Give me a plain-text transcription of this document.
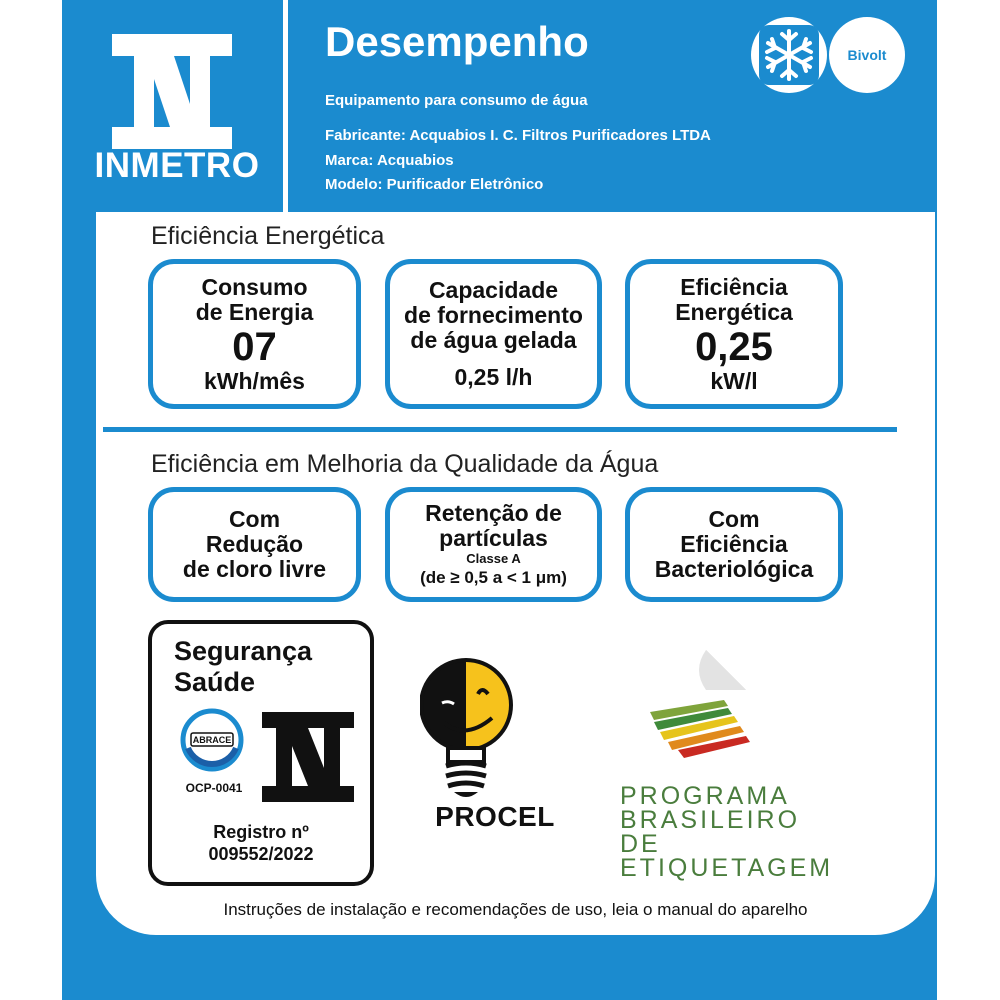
INMETRO
Desempenho
Equipamento para consumo de água
Fabricante: Acquabios I. C. Filtros Purificadores LTDA
Marca: Acquabios
Modelo: Purificador Eletrônico
Bivolt
Eficiência Energética
Consumo
de Energia
07
kWh/mês
Capacidade
de fornecimento
de água gelada
0,25 l/h
Eficiência
Energética
0,25
kW/l
Eficiência em Melhoria da Qualidade da Água
Com
Redução
de cloro livre
Retenção de
partículas
Classe A
(de ≥ 0,5 a < 1 μm)
Com
Eficiência
Bacteriológica
Segurança
Saúde
ABRACE
OCP-0041
Registro nº
009552/2022
PROCEL
PROGRAMA
BRASILEIRO DE
ETIQUETAGEM
Instruções de instalação e recomendações de uso, leia o manual do aparelho
